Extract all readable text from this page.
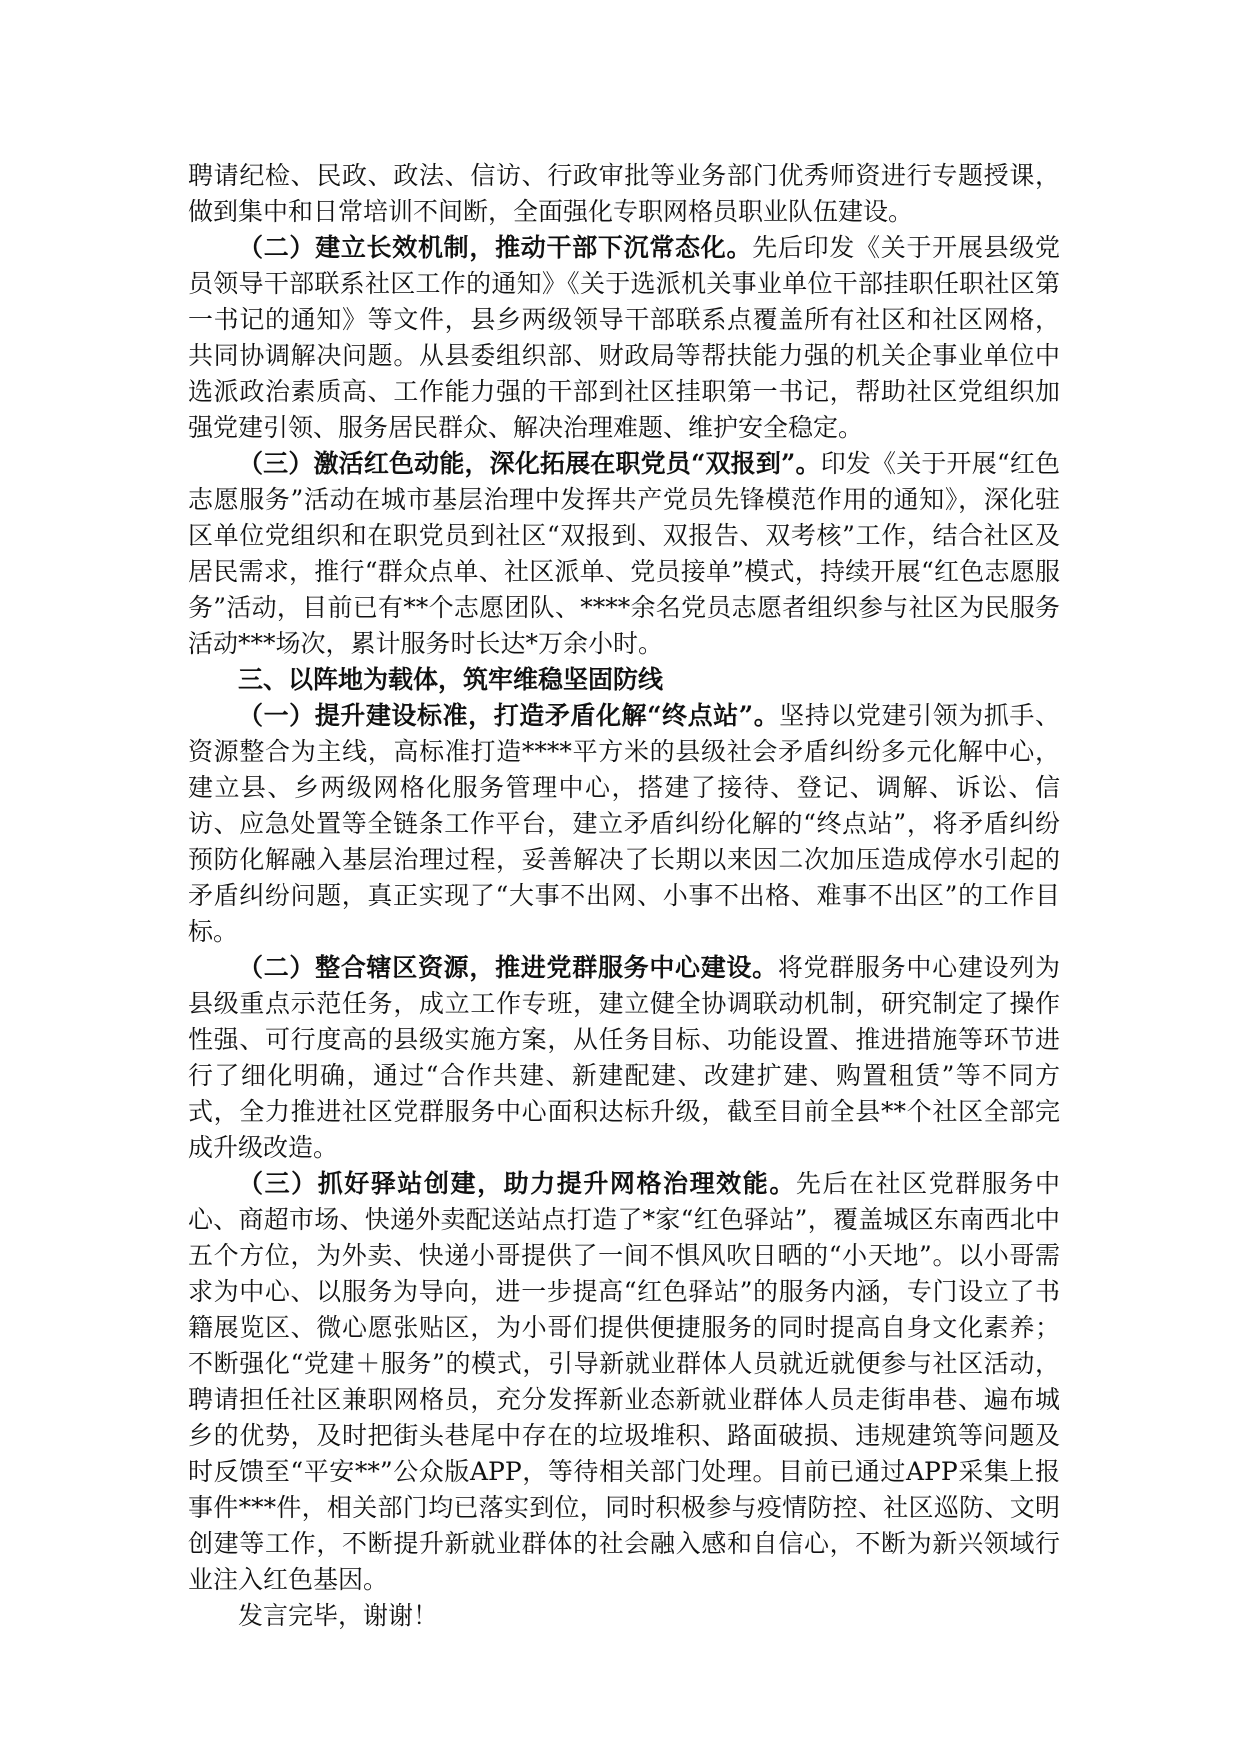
聘请纪检、民政、政法、信访、行政审批等业务部门优秀师资进行专题授课，做到集中和日常培训不间断，全面强化专职网格员职业队伍建设。

（二）建立长效机制，推动干部下沉常态化。先后印发《关于开展县级党员领导干部联系社区工作的通知》《关于选派机关事业单位干部挂职任职社区第一书记的通知》等文件，县乡两级领导干部联系点覆盖所有社区和社区网格，共同协调解决问题。从县委组织部、财政局等帮扶能力强的机关企事业单位中选派政治素质高、工作能力强的干部到社区挂职第一书记，帮助社区党组织加强党建引领、服务居民群众、解决治理难题、维护安全稳定。

（三）激活红色动能，深化拓展在职党员“双报到”。印发《关于开展“红色志愿服务”活动在城市基层治理中发挥共产党员先锋模范作用的通知》，深化驻区单位党组织和在职党员到社区“双报到、双报告、双考核”工作，结合社区及居民需求，推行“群众点单、社区派单、党员接单”模式，持续开展“红色志愿服务”活动，目前已有**个志愿团队、****余名党员志愿者组织参与社区为民服务活动***场次，累计服务时长达*万余小时。

三、以阵地为载体，筑牢维稳坚固防线

（一）提升建设标准，打造矛盾化解“终点站”。坚持以党建引领为抓手、资源整合为主线，高标准打造****平方米的县级社会矛盾纠纷多元化解中心，建立县、乡两级网格化服务管理中心，搭建了接待、登记、调解、诉讼、信访、应急处置等全链条工作平台，建立矛盾纠纷化解的“终点站”，将矛盾纠纷预防化解融入基层治理过程，妥善解决了长期以来因二次加压造成停水引起的矛盾纠纷问题，真正实现了“大事不出网、小事不出格、难事不出区”的工作目标。

（二）整合辖区资源，推进党群服务中心建设。将党群服务中心建设列为县级重点示范任务，成立工作专班，建立健全协调联动机制，研究制定了操作性强、可行度高的县级实施方案，从任务目标、功能设置、推进措施等环节进行了细化明确，通过“合作共建、新建配建、改建扩建、购置租赁”等不同方式，全力推进社区党群服务中心面积达标升级，截至目前全县**个社区全部完成升级改造。

（三）抓好驿站创建，助力提升网格治理效能。先后在社区党群服务中心、商超市场、快递外卖配送站点打造了*家“红色驿站”，覆盖城区东南西北中五个方位，为外卖、快递小哥提供了一间不惧风吹日晒的“小天地”。以小哥需求为中心、以服务为导向，进一步提高“红色驿站”的服务内涵，专门设立了书籍展览区、微心愿张贴区，为小哥们提供便捷服务的同时提高自身文化素养；不断强化“党建＋服务”的模式，引导新就业群体人员就近就便参与社区活动，聘请担任社区兼职网格员，充分发挥新业态新就业群体人员走街串巷、遍布城乡的优势，及时把街头巷尾中存在的垃圾堆积、路面破损、违规建筑等问题及时反馈至“平安**”公众版APP，等待相关部门处理。目前已通过APP采集上报事件***件，相关部门均已落实到位，同时积极参与疫情防控、社区巡防、文明创建等工作，不断提升新就业群体的社会融入感和自信心，不断为新兴领域行业注入红色基因。

发言完毕，谢谢！
